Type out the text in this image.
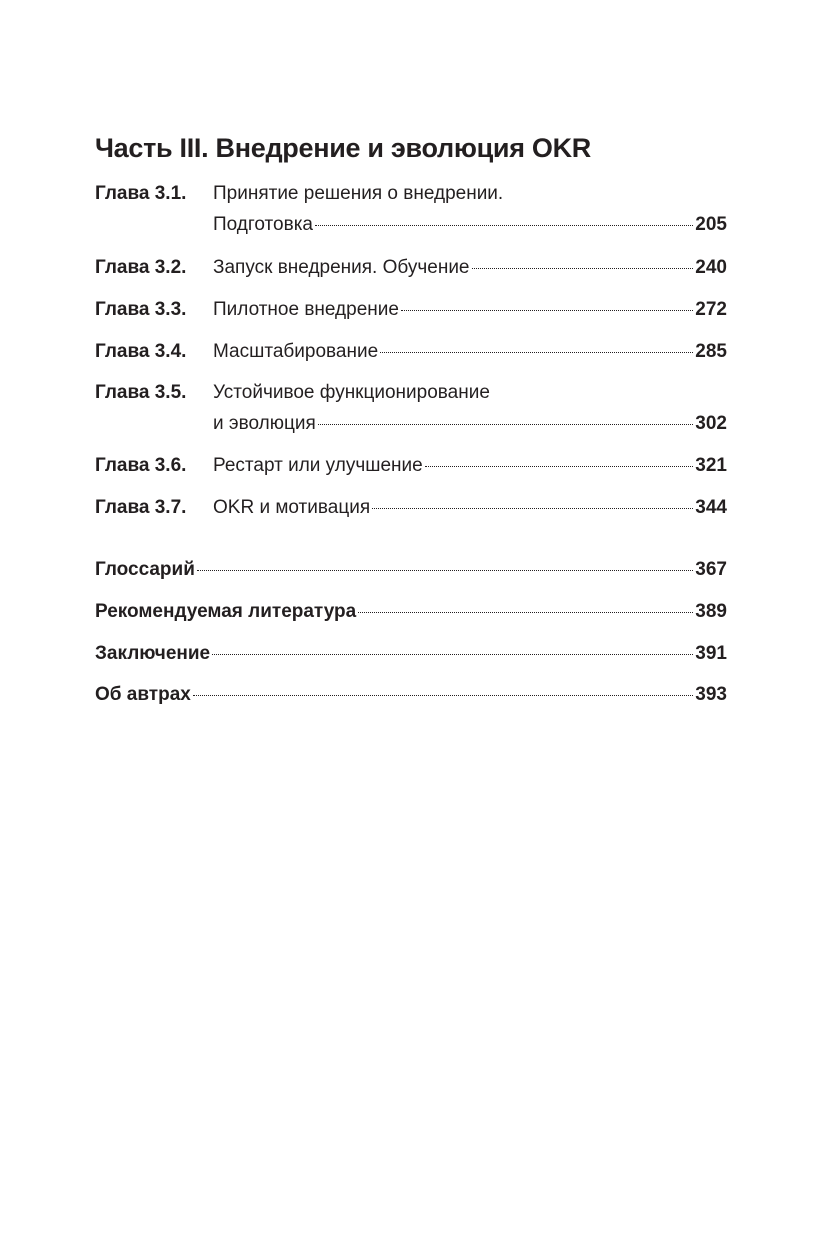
Часть III. Внедрение и эволюция OKR
Глава 3.1. Принятие решения о внедрении.
Подготовка	205
Глава 3.2. Запуск внедрения. Обучение	240
Глава 3.3. Пилотное внедрение	272
Глава 3.4. Масштабирование	285
Глава 3.5. Устойчивое функционирование
и эволюция	302
Глава 3.6. Рестарт или улучшение	321
Глава 3.7. OKR и мотивация	344
Глоссарий	367
Рекомендуемая литература	389
Заключение	391
Об автрах	393
